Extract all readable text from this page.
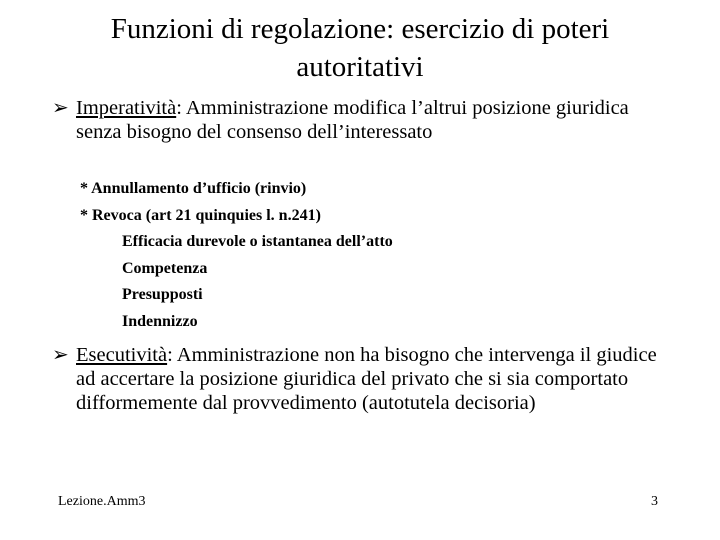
Funzioni di regolazione: esercizio di poteri
autoritativi
➢ Imperatività: Amministrazione modifica l’altrui posizione giuridica senza bisogno del consenso dell’interessato
* Annullamento d’ufficio (rinvio)
* Revoca (art 21 quinquies l. n.241)
Efficacia durevole o istantanea dell’atto
Competenza
Presupposti
Indennizzo
➢ Esecutività: Amministrazione non ha bisogno che intervenga il giudice ad accertare la posizione giuridica del privato che si sia comportato difformemente dal provvedimento (autotutela decisoria)
Lezione.Amm3	3
